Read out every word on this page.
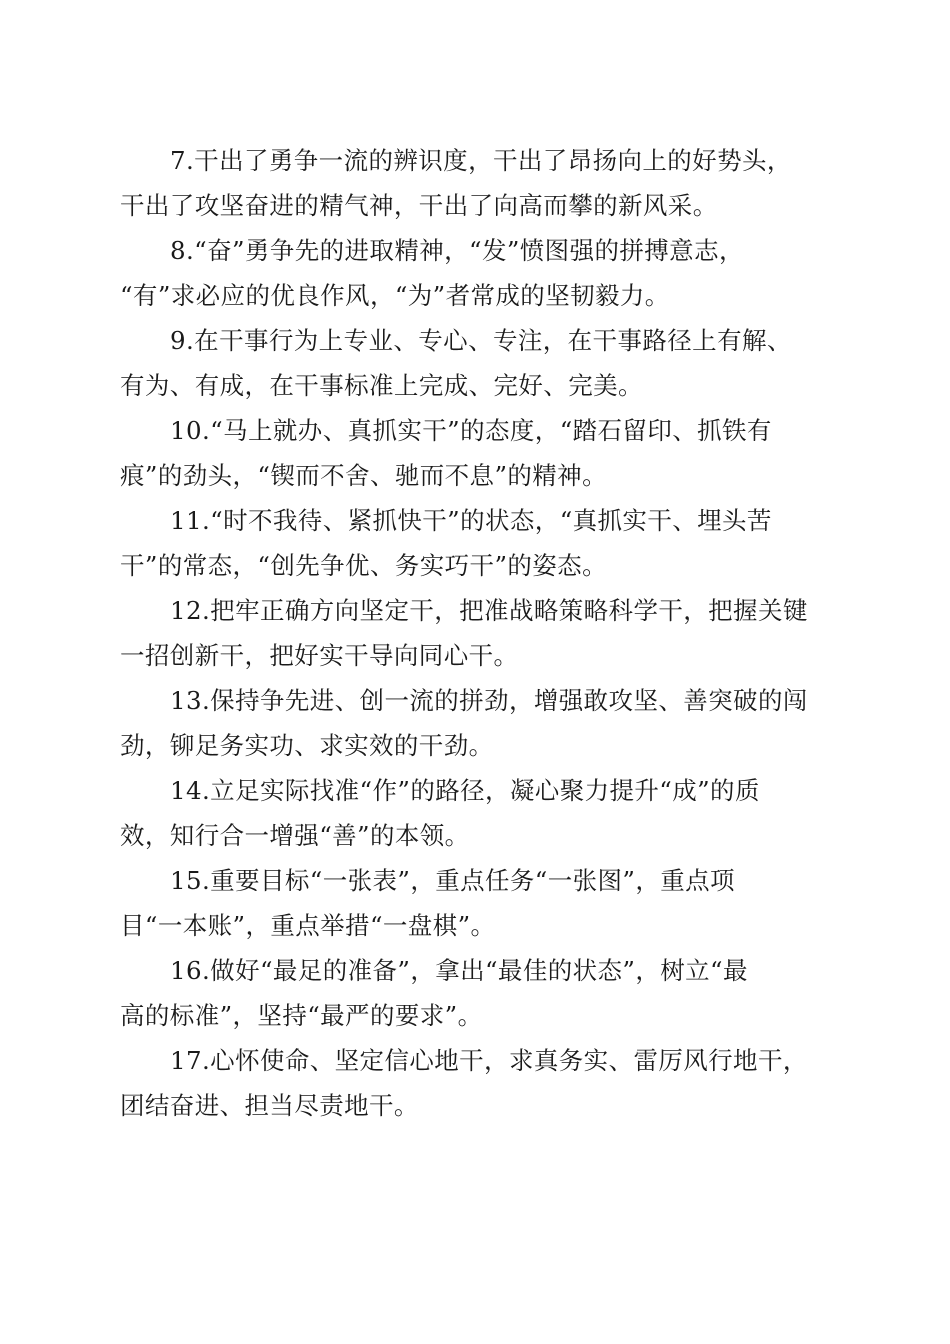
7.干出了勇争一流的辨识度，干出了昂扬向上的好势头，
干出了攻坚奋进的精气神，干出了向高而攀的新风采。

8.“奋”勇争先的进取精神，“发”愤图强的拼搏意志，
“有”求必应的优良作风，“为”者常成的坚韧毅力。

9.在干事行为上专业、专心、专注，在干事路径上有解、
有为、有成，在干事标准上完成、完好、完美。

10.“马上就办、真抓实干”的态度，“踏石留印、抓铁有
痕”的劲头，“锲而不舍、驰而不息”的精神。

11.“时不我待、紧抓快干”的状态，“真抓实干、埋头苦
干”的常态，“创先争优、务实巧干”的姿态。

12.把牢正确方向坚定干，把准战略策略科学干，把握关键
一招创新干，把好实干导向同心干。

13.保持争先进、创一流的拼劲，增强敢攻坚、善突破的闯
劲，铆足务实功、求实效的干劲。

14.立足实际找准“作”的路径，凝心聚力提升“成”的质
效，知行合一增强“善”的本领。

15.重要目标“一张表”，重点任务“一张图”，重点项
目“一本账”，重点举措“一盘棋”。

16.做好“最足的准备”，拿出“最佳的状态”，树立“最
高的标准”，坚持“最严的要求”。

17.心怀使命、坚定信心地干，求真务实、雷厉风行地干，
团结奋进、担当尽责地干。
